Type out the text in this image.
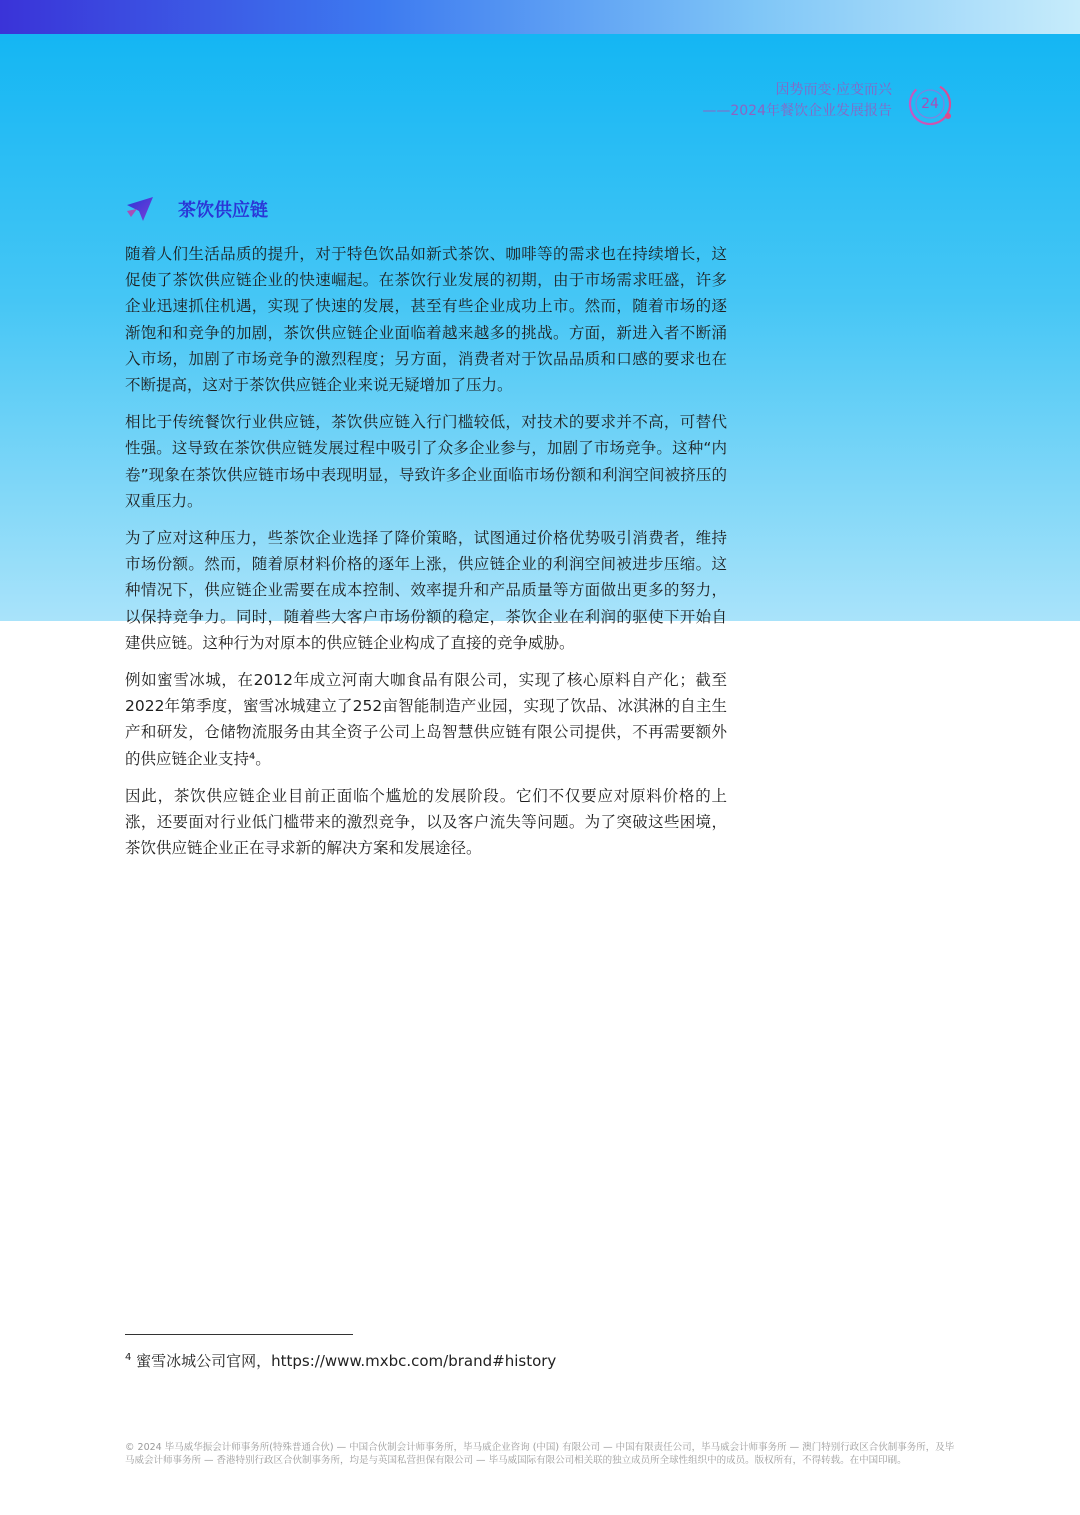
因势而变·应变而兴
——2024年餐饮企业发展报告	24
茶饮供应链

随着人们生活品质的提升，对于特色饮品如新式茶饮、咖啡等的需求也在持续增长，这促使了茶饮供应链企业的快速崛起。在茶饮行业发展的初期，由于市场需求旺盛，许多企业迅速抓住机遇，实现了快速的发展，甚至有些企业成功上市。然而，随着市场的逐渐饱和和竞争的加剧，茶饮供应链企业面临着越来越多的挑战。方面，新进入者不断涌入市场，加剧了市场竞争的激烈程度；另方面，消费者对于饮品品质和口感的要求也在不断提高，这对于茶饮供应链企业来说无疑增加了压力。

相比于传统餐饮行业供应链，茶饮供应链入行门槛较低，对技术的要求并不高，可替代性强。这导致在茶饮供应链发展过程中吸引了众多企业参与，加剧了市场竞争。这种“内卷”现象在茶饮供应链市场中表现明显，导致许多企业面临市场份额和利润空间被挤压的双重压力。

为了应对这种压力，些茶饮企业选择了降价策略，试图通过价格优势吸引消费者，维持市场份额。然而，随着原材料价格的逐年上涨，供应链企业的利润空间被进步压缩。这种情况下，供应链企业需要在成本控制、效率提升和产品质量等方面做出更多的努力，以保持竞争力。同时，随着些大客户市场份额的稳定，茶饮企业在利润的驱使下开始自建供应链。这种行为对原本的供应链企业构成了直接的竞争威胁。

例如蜜雪冰城，在2012年成立河南大咖食品有限公司，实现了核心原料自产化；截至2022年第季度，蜜雪冰城建立了252亩智能制造产业园，实现了饮品、冰淇淋的自主生产和研发，仓储物流服务由其全资子公司上岛智慧供应链有限公司提供，不再需要额外的供应链企业支持⁴。

因此，茶饮供应链企业目前正面临个尴尬的发展阶段。它们不仅要应对原料价格的上涨，还要面对行业低门槛带来的激烈竞争，以及客户流失等问题。为了突破这些困境，茶饮供应链企业正在寻求新的解决方案和发展途径。

$^4$ 蜜雪冰城公司官网，https://www.mxbc.com/brand#history
© 2024 毕马威华振会计师事务所(特殊普通合伙) — 中国合伙制会计师事务所，毕马威企业咨询 (中国) 有限公司 — 中国有限责任公司，毕马威会计师事务所 — 澳门特别行政区合伙制事务所，及毕马威会计师事务所 — 香港特别行政区合伙制事务所，均是与英国私营担保有限公司 — 毕马威国际有限公司相关联的独立成员所全球性组织中的成员。版权所有，不得转载。在中国印刷。
